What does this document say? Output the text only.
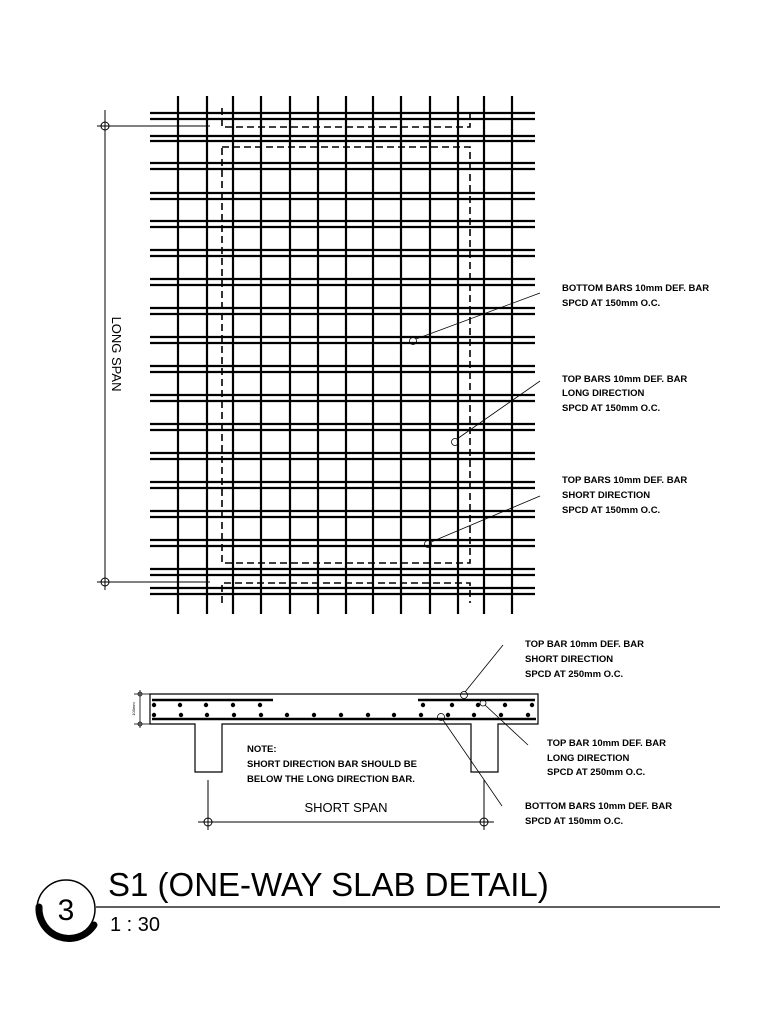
LONG SPAN
BOTTOM BARS 10mm DEF. BAR
SPCD AT 150mm O.C.
TOP BARS 10mm DEF. BAR
LONG DIRECTION
SPCD AT 150mm O.C.
TOP BARS 10mm DEF. BAR
SHORT DIRECTION
SPCD AT 150mm O.C.
100mm
SHORT SPAN
NOTE:
SHORT DIRECTION BAR SHOULD BE
BELOW THE LONG DIRECTION BAR.
TOP BAR 10mm DEF. BAR
SHORT DIRECTION
SPCD AT 250mm O.C.
TOP BAR 10mm DEF. BAR
LONG DIRECTION
SPCD AT 250mm O.C.
BOTTOM BARS 10mm DEF. BAR
SPCD AT 150mm O.C.
3
S1 (ONE-WAY SLAB DETAIL)
1 : 30
